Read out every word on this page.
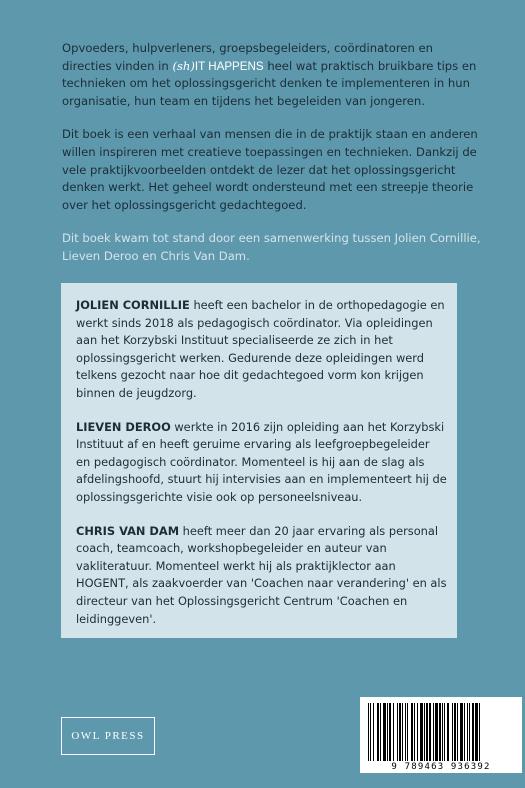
Opvoeders, hulpverleners, groepsbegeleiders, coördinatoren en directies vinden in (sh)IT HAPPENS heel wat praktisch bruikbare tips en technieken om het oplossingsgericht denken te implementeren in hun organisatie, hun team en tijdens het begeleiden van jongeren.

Dit boek is een verhaal van mensen die in de praktijk staan en anderen willen inspireren met creatieve toepassingen en technieken. Dankzij de vele praktijkvoorbeelden ontdekt de lezer dat het oplossingsgericht denken werkt. Het geheel wordt ondersteund met een streepje theorie over het oplossingsgericht gedachtegoed.

Dit boek kwam tot stand door een samenwerking tussen Jolien Cornillie, Lieven Deroo en Chris Van Dam.

JOLIEN CORNILLIE heeft een bachelor in de orthopedagogie en werkt sinds 2018 als pedagogisch coördinator. Via opleidingen aan het Korzybski Instituut specialiseerde ze zich in het oplossingsgericht werken. Gedurende deze opleidingen werd telkens gezocht naar hoe dit gedachtegoed vorm kon krijgen binnen de jeugdzorg.

LIEVEN DEROO werkte in 2016 zijn opleiding aan het Korzybski Instituut af en heeft geruime ervaring als leefgroepbegeleider en pedagogisch coördinator. Momenteel is hij aan de slag als afdelingshoofd, stuurt hij intervisies aan en implementeert hij de oplossingsgerichte visie ook op personeelsniveau.

CHRIS VAN DAM heeft meer dan 20 jaar ervaring als personal coach, teamcoach, workshopbegeleider en auteur van vakliteratuur. Momenteel werkt hij als praktijklector aan HOGENT, als zaakvoerder van 'Coachen naar verandering' en als directeur van het Oplossingsgericht Centrum 'Coachen en leidinggeven'.

OWL PRESS
9 789463 936392
